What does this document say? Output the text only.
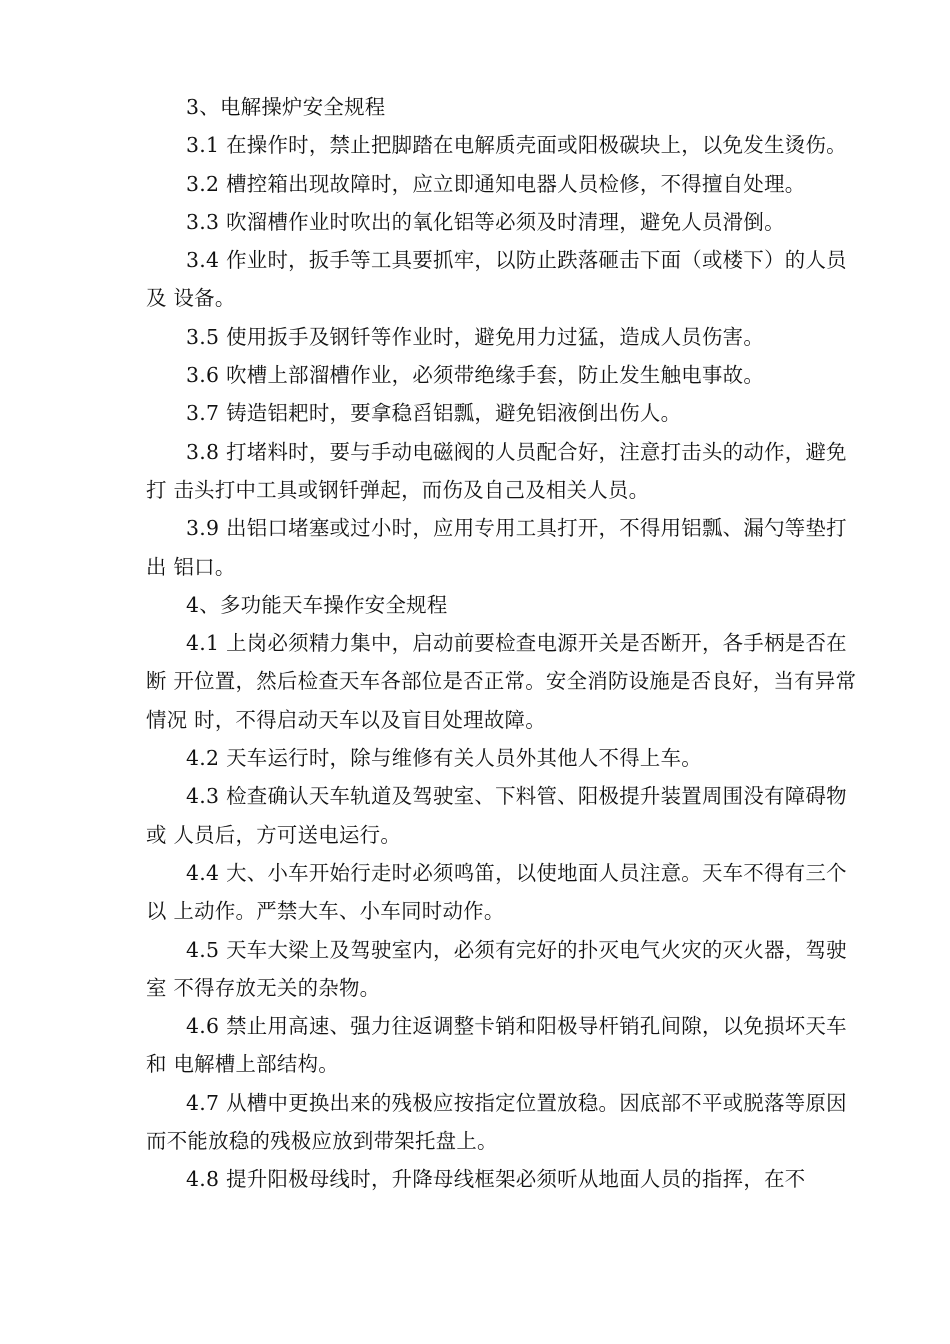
3、电解操炉安全规程

3.1 在操作时，禁止把脚踏在电解质壳面或阳极碳块上，以免发生烫伤。

3.2 槽控箱出现故障时，应立即通知电器人员检修，不得擅自处理。

3.3 吹溜槽作业时吹出的氧化铝等必须及时清理，避免人员滑倒。

3.4 作业时，扳手等工具要抓牢，以防止跌落砸击下面（或楼下）的人员及 设备。

3.5 使用扳手及钢钎等作业时，避免用力过猛，造成人员伤害。

3.6 吹槽上部溜槽作业，必须带绝缘手套，防止发生触电事故。

3.7 铸造铝耙时，要拿稳舀铝瓢，避免铝液倒出伤人。

3.8 打堵料时，要与手动电磁阀的人员配合好，注意打击头的动作，避免打 击头打中工具或钢钎弹起，而伤及自己及相关人员。

3.9 出铝口堵塞或过小时，应用专用工具打开，不得用铝瓢、漏勺等垫打出 铝口。

4、多功能天车操作安全规程

4.1 上岗必须精力集中，启动前要检查电源开关是否断开，各手柄是否在断 开位置，然后检查天车各部位是否正常。安全消防设施是否良好，当有异常情况 时，不得启动天车以及盲目处理故障。

4.2 天车运行时，除与维修有关人员外其他人不得上车。

4.3 检查确认天车轨道及驾驶室、下料管、阳极提升装置周围没有障碍物或 人员后，方可送电运行。

4.4 大、小车开始行走时必须鸣笛，以使地面人员注意。天车不得有三个以 上动作。严禁大车、小车同时动作。

4.5 天车大梁上及驾驶室内，必须有完好的扑灭电气火灾的灭火器，驾驶室 不得存放无关的杂物。

4.6 禁止用高速、强力往返调整卡销和阳极导杆销孔间隙，以免损坏天车和 电解槽上部结构。

4.7 从槽中更换出来的残极应按指定位置放稳。因底部不平或脱落等原因而不能放稳的残极应放到带架托盘上。

4.8 提升阳极母线时，升降母线框架必须听从地面人员的指挥，在不
